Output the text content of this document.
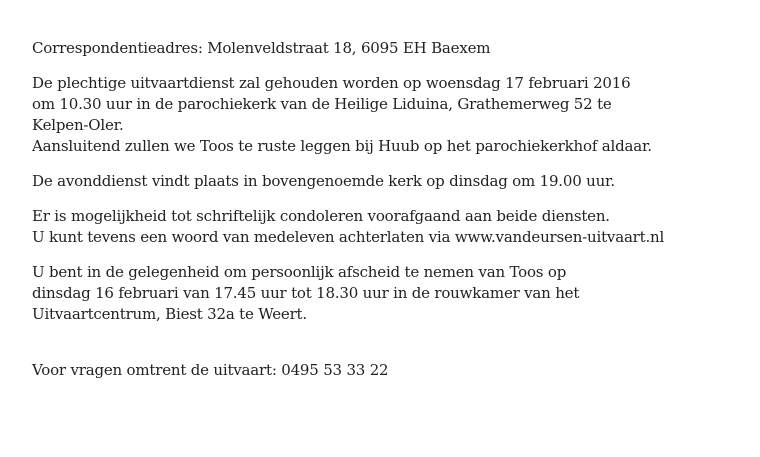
Correspondentieadres: Molenveldstraat 18, 6095 EH Baexem

De plechtige uitvaartdienst zal gehouden worden op woensdag 17 februari 2016
om 10.30 uur in de parochiekerk van de Heilige Liduina, Grathemerweg 52 te
Kelpen-Oler.
Aansluitend zullen we Toos te ruste leggen bij Huub op het parochiekerkhof aldaar.

De avonddienst vindt plaats in bovengenoemde kerk op dinsdag om 19.00 uur.

Er is mogelijkheid tot schriftelijk condoleren voorafgaand aan beide diensten.
U kunt tevens een woord van medeleven achterlaten via www.vandeursen-uitvaart.nl

U bent in de gelegenheid om persoonlijk afscheid te nemen van Toos op
dinsdag 16 februari van 17.45 uur tot 18.30 uur in de rouwkamer van het
Uitvaartcentrum, Biest 32a te Weert.

Voor vragen omtrent de uitvaart: 0495 53 33 22
